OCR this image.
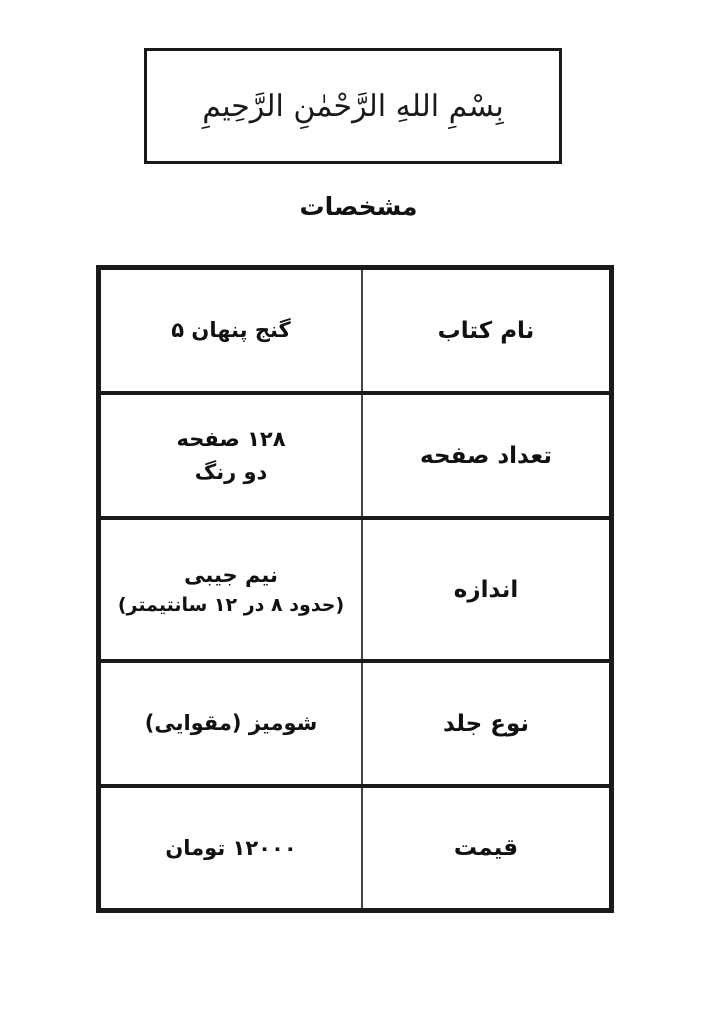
بِسْمِ اللهِ الرَّحْمٰنِ الرَّحِيمِ
مشخصات
نام کتاب
گنج پنهان ۵
تعداد صفحه
۱۲۸ صفحه
دو رنگ
اندازه
نیم جیبی
(حدود ۸ در ۱۲ سانتیمتر)
نوع جلد
شومیز (مقوایی)
قیمت
۱۲۰۰۰ تومان
